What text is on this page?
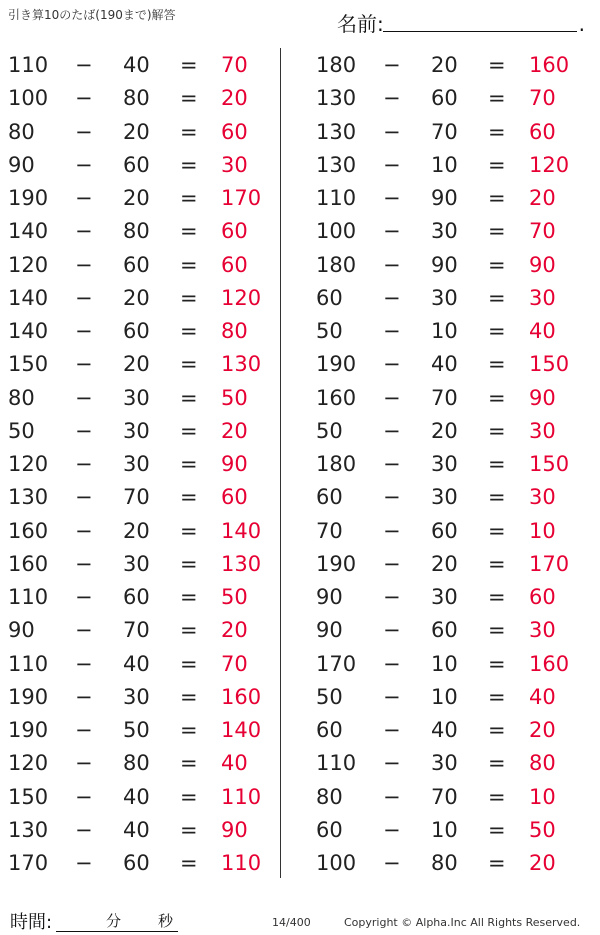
引き算10のたば(190まで)解答	名前:	.
110 − 40 = 70
100 − 80 = 20
80 − 20 = 60
90 − 60 = 30
190 − 20 = 170
140 − 80 = 60
120 − 60 = 60
140 − 20 = 120
140 − 60 = 80
150 − 20 = 130
80 − 30 = 50
50 − 30 = 20
120 − 30 = 90
130 − 70 = 60
160 − 20 = 140
160 − 30 = 130
110 − 60 = 50
90 − 70 = 20
110 − 40 = 70
190 − 30 = 160
190 − 50 = 140
120 − 80 = 40
150 − 40 = 110
130 − 40 = 90
170 − 60 = 110
180 − 20 = 160
130 − 60 = 70
130 − 70 = 60
130 − 10 = 120
110 − 90 = 20
100 − 30 = 70
180 − 90 = 90
60 − 30 = 30
50 − 10 = 40
190 − 40 = 150
160 − 70 = 90
50 − 20 = 30
180 − 30 = 150
60 − 30 = 30
70 − 60 = 10
190 − 20 = 170
90 − 30 = 60
90 − 60 = 30
170 − 10 = 160
50 − 10 = 40
60 − 40 = 20
110 − 30 = 80
80 − 70 = 10
60 − 10 = 50
100 − 80 = 20
時間:	分 秒	14/400	Copyright © Alpha.Inc All Rights Reserved.
